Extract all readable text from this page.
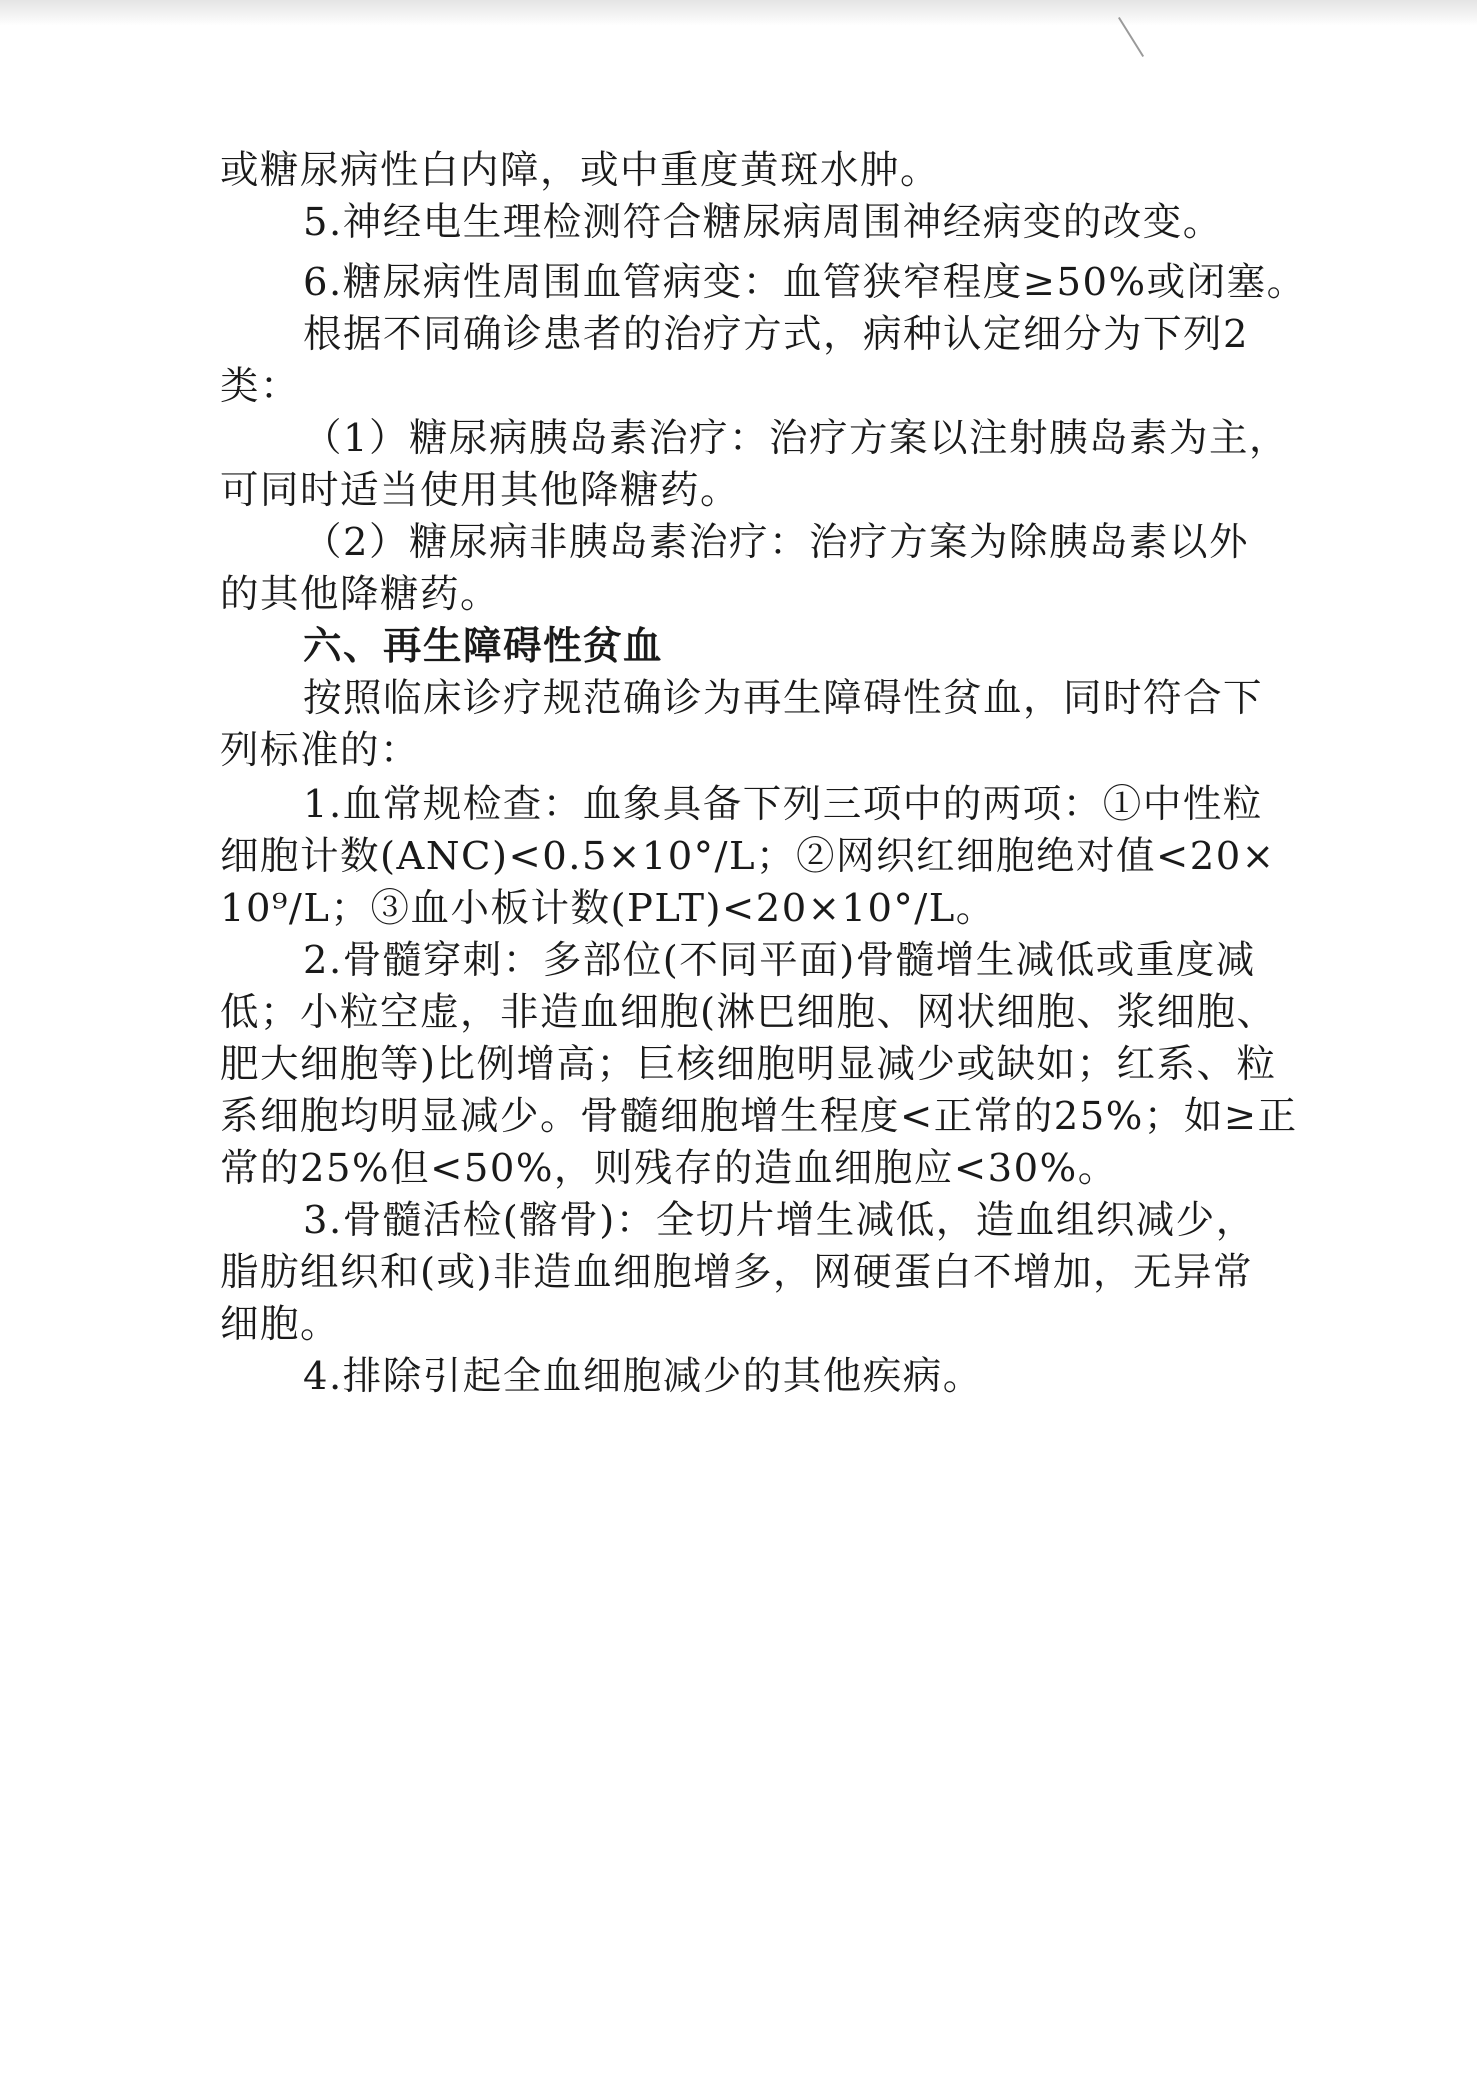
或糖尿病性白内障，或中重度黄斑水肿。
5.神经电生理检测符合糖尿病周围神经病变的改变。
6.糖尿病性周围血管病变：血管狭窄程度≥50%或闭塞。
根据不同确诊患者的治疗方式，病种认定细分为下列2
类：
（1）糖尿病胰岛素治疗：治疗方案以注射胰岛素为主，
可同时适当使用其他降糖药。
（2）糖尿病非胰岛素治疗：治疗方案为除胰岛素以外
的其他降糖药。
六、再生障碍性贫血
按照临床诊疗规范确诊为再生障碍性贫血，同时符合下
列标准的：
1.血常规检查：血象具备下列三项中的两项：①中性粒
细胞计数(ANC)<0.5×10°/L；②网织红细胞绝对值<20×
10⁹/L；③血小板计数(PLT)<20×10°/L。
2.骨髓穿刺：多部位(不同平面)骨髓增生减低或重度减
低；小粒空虚，非造血细胞(淋巴细胞、网状细胞、浆细胞、
肥大细胞等)比例增高；巨核细胞明显减少或缺如；红系、粒
系细胞均明显减少。骨髓细胞增生程度<正常的25%；如≥正
常的25%但<50%，则残存的造血细胞应<30%。
3.骨髓活检(髂骨)：全切片增生减低，造血组织减少，
脂肪组织和(或)非造血细胞增多，网硬蛋白不增加，无异常
细胞。
4.排除引起全血细胞减少的其他疾病。
